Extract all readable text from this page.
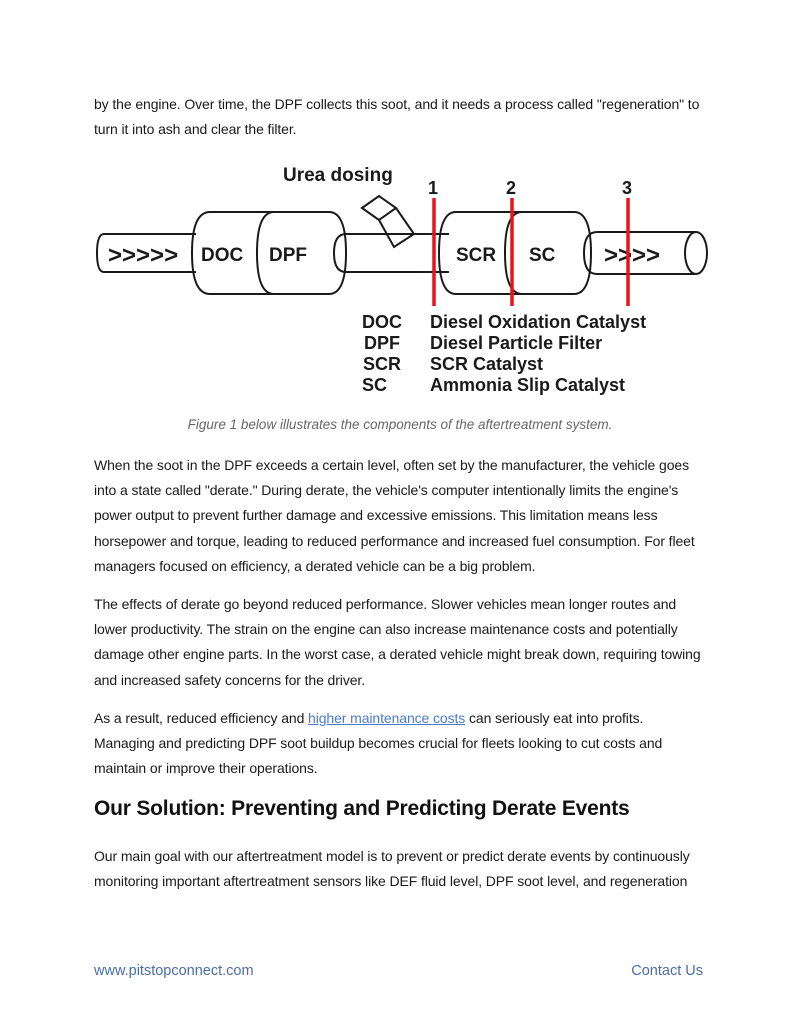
by the engine. Over time, the DPF collects this soot, and it needs a process called "regeneration" to turn it into ash and clear the filter.

>>>>>	>>>>
DOC DPF	SCR SC
Urea dosing
1	2	3
DOC Diesel Oxidation Catalyst
DPF Diesel Particle Filter
SCR SCR Catalyst
SC Ammonia Slip Catalyst
Figure 1 below illustrates the components of the aftertreatment system.

When the soot in the DPF exceeds a certain level, often set by the manufacturer, the vehicle goes into a state called "derate." During derate, the vehicle's computer intentionally limits the engine's power output to prevent further damage and excessive emissions. This limitation means less horsepower and torque, leading to reduced performance and increased fuel consumption. For fleet managers focused on efficiency, a derated vehicle can be a big problem.

The effects of derate go beyond reduced performance. Slower vehicles mean longer routes and lower productivity. The strain on the engine can also increase maintenance costs and potentially damage other engine parts. In the worst case, a derated vehicle might break down, requiring towing and increased safety concerns for the driver.

As a result, reduced efficiency and higher maintenance costs can seriously eat into profits. Managing and predicting DPF soot buildup becomes crucial for fleets looking to cut costs and maintain or improve their operations.

Our Solution: Preventing and Predicting Derate Events

Our main goal with our aftertreatment model is to prevent or predict derate events by continuously monitoring important aftertreatment sensors like DEF fluid level, DPF soot level, and regeneration

www.pitstopconnect.com	Contact Us
